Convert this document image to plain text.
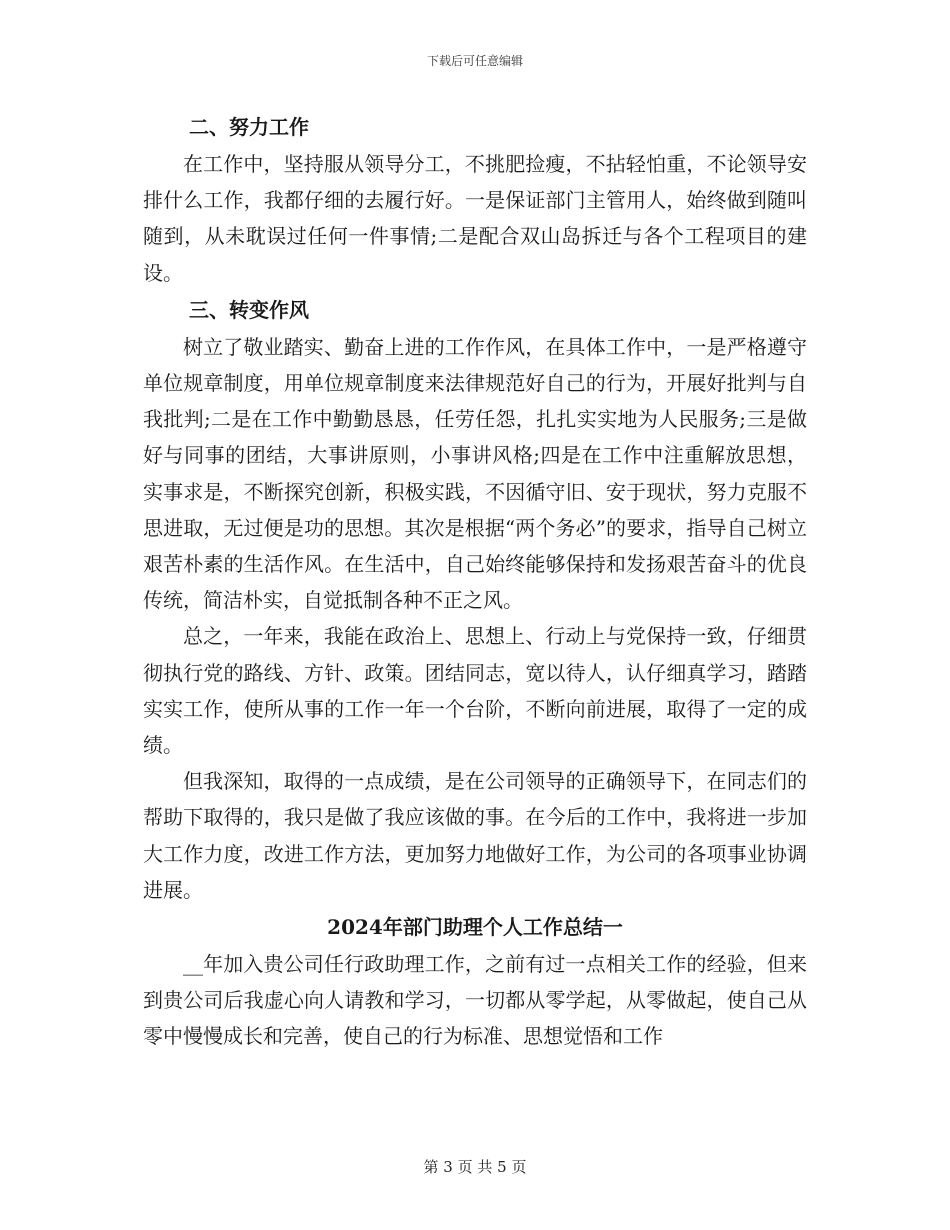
下载后可任意编辑

二、努力工作

在工作中，坚持服从领导分工，不挑肥捡瘦，不拈轻怕重，不论领导安排什么工作，我都仔细的去履行好。一是保证部门主管用人，始终做到随叫随到，从未耽误过任何一件事情;二是配合双山岛拆迁与各个工程项目的建设。

三、转变作风

树立了敬业踏实、勤奋上进的工作作风，在具体工作中，一是严格遵守单位规章制度，用单位规章制度来法律规范好自己的行为，开展好批判与自我批判;二是在工作中勤勤恳恳，任劳任怨，扎扎实实地为人民服务;三是做好与同事的团结，大事讲原则，小事讲风格;四是在工作中注重解放思想，实事求是，不断探究创新，积极实践，不因循守旧、安于现状，努力克服不思进取，无过便是功的思想。其次是根据“两个务必”的要求，指导自己树立艰苦朴素的生活作风。在生活中，自己始终能够保持和发扬艰苦奋斗的优良传统，简洁朴实，自觉抵制各种不正之风。

总之，一年来，我能在政治上、思想上、行动上与党保持一致，仔细贯彻执行党的路线、方针、政策。团结同志，宽以待人，认仔细真学习，踏踏实实工作，使所从事的工作一年一个台阶，不断向前进展，取得了一定的成绩。

但我深知，取得的一点成绩，是在公司领导的正确领导下，在同志们的帮助下取得的，我只是做了我应该做的事。在今后的工作中，我将进一步加大工作力度，改进工作方法，更加努力地做好工作，为公司的各项事业协调进展。

2024年部门助理个人工作总结一

__年加入贵公司任行政助理工作，之前有过一点相关工作的经验，但来到贵公司后我虚心向人请教和学习，一切都从零学起，从零做起，使自己从零中慢慢成长和完善，使自己的行为标准、思想觉悟和工作

第 3 页 共 5 页
